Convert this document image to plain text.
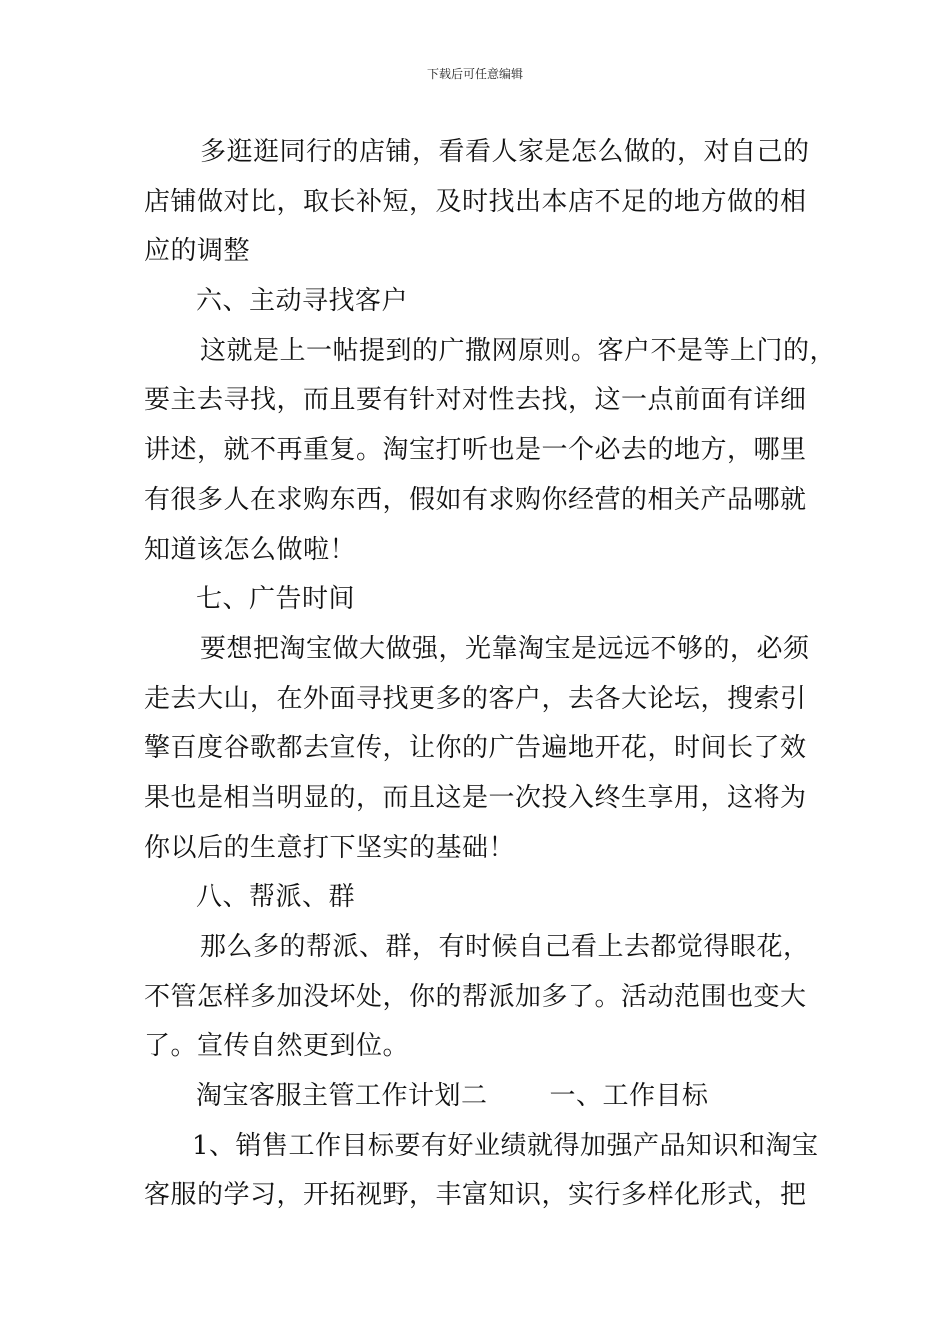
下载后可任意编辑
多逛逛同行的店铺，看看人家是怎么做的，对自己的
店铺做对比，取长补短，及时找出本店不足的地方做的相
应的调整
六、主动寻找客户
这就是上一帖提到的广撒网原则。客户不是等上门的，
要主去寻找，而且要有针对对性去找，这一点前面有详细
讲述，就不再重复。淘宝打听也是一个必去的地方，哪里
有很多人在求购东西，假如有求购你经营的相关产品哪就
知道该怎么做啦！
七、广告时间
要想把淘宝做大做强，光靠淘宝是远远不够的，必须
走去大山，在外面寻找更多的客户，去各大论坛，搜索引
擎百度谷歌都去宣传，让你的广告遍地开花，时间长了效
果也是相当明显的，而且这是一次投入终生享用，这将为
你以后的生意打下坚实的基础！
八、帮派、群
那么多的帮派、群，有时候自己看上去都觉得眼花，
不管怎样多加没坏处，你的帮派加多了。活动范围也变大
了。宣传自然更到位。
淘宝客服主管工作计划二 一、工作目标
1、销售工作目标要有好业绩就得加强产品知识和淘宝
客服的学习，开拓视野，丰富知识，实行多样化形式，把
